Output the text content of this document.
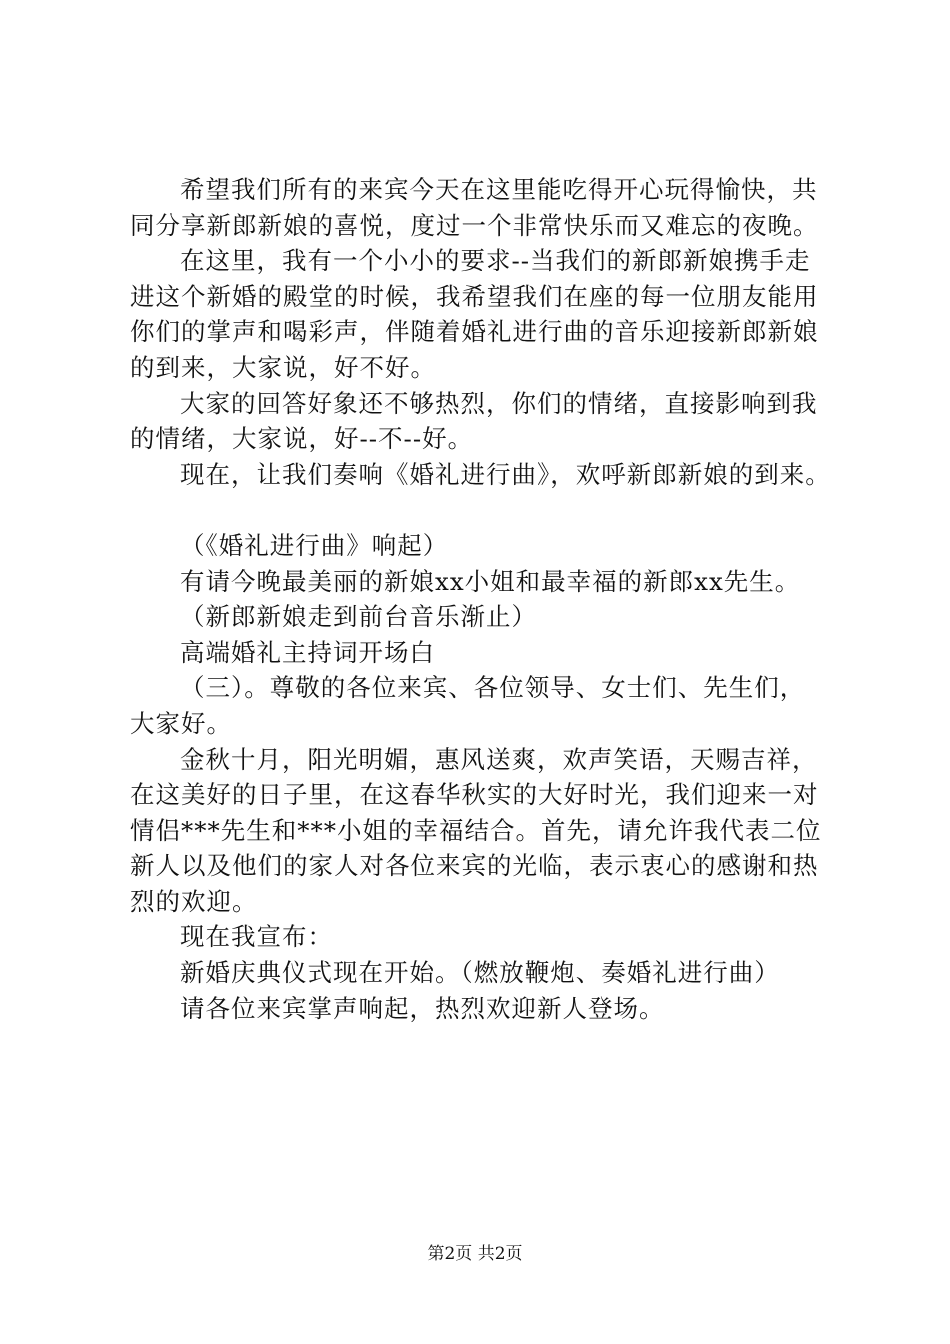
希望我们所有的来宾今天在这里能吃得开心玩得愉快，共
同分享新郎新娘的喜悦，度过一个非常快乐而又难忘的夜晚。
在这里，我有一个小小的要求--当我们的新郎新娘携手走
进这个新婚的殿堂的时候，我希望我们在座的每一位朋友能用
你们的掌声和喝彩声，伴随着婚礼进行曲的音乐迎接新郎新娘
的到来，大家说，好不好。
大家的回答好象还不够热烈，你们的情绪，直接影响到我
的情绪，大家说，好--不--好。
现在，让我们奏响《婚礼进行曲》，欢呼新郎新娘的到来。
（《婚礼进行曲》响起）
有请今晚最美丽的新娘xx小姐和最幸福的新郎xx先生。
（新郎新娘走到前台音乐渐止）
高端婚礼主持词开场白
（三）。尊敬的各位来宾、各位领导、女士们、先生们，
大家好。
金秋十月，阳光明媚，惠风送爽，欢声笑语，天赐吉祥，
在这美好的日子里，在这春华秋实的大好时光，我们迎来一对
情侣***先生和***小姐的幸福结合。首先，请允许我代表二位
新人以及他们的家人对各位来宾的光临，表示衷心的感谢和热
烈的欢迎。
现在我宣布：
新婚庆典仪式现在开始。（燃放鞭炮、奏婚礼进行曲）
请各位来宾掌声响起，热烈欢迎新人登场。
第2页 共2页
